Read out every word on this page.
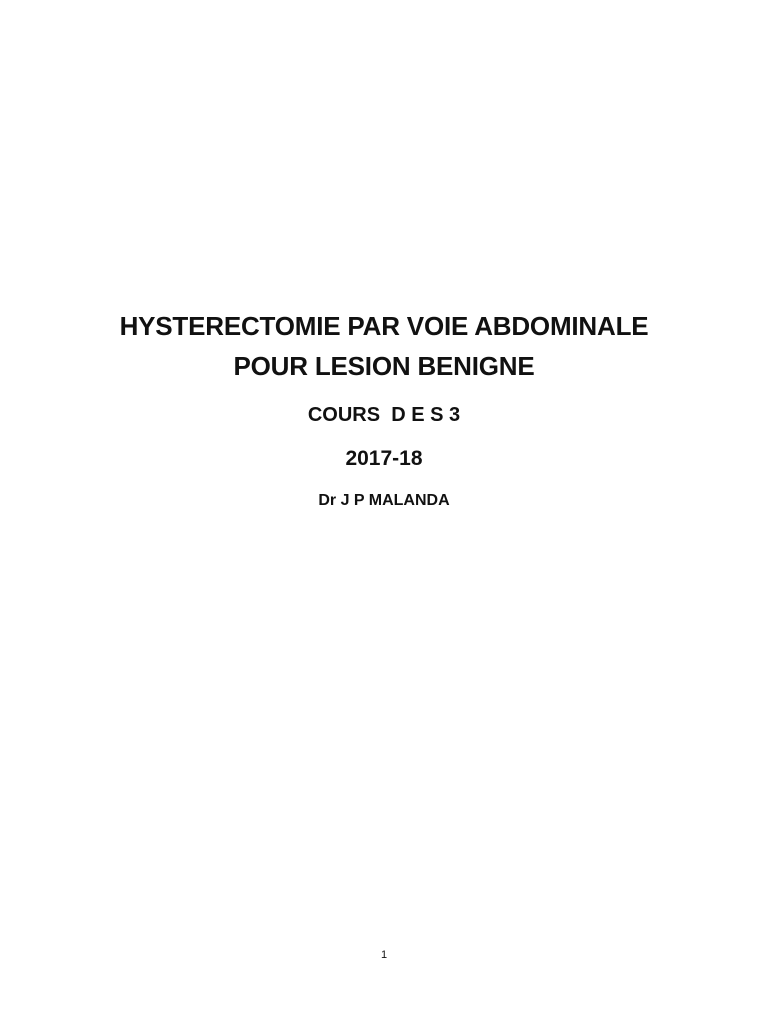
HYSTERECTOMIE PAR VOIE ABDOMINALE
POUR LESION BENIGNE
COURS  D E S 3
2017-18
Dr J P MALANDA
1
